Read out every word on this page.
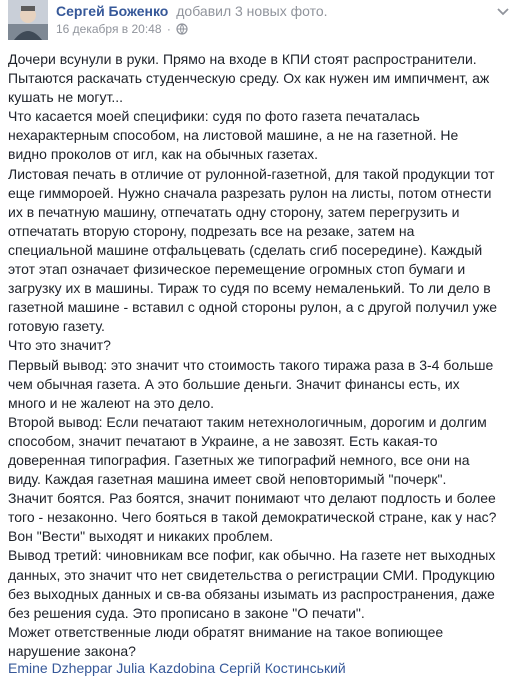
Сергей Боженко добавил 3 новых фото.
16 декабря в 20:48 ·
Дочери всунули в руки. Прямо на входе в КПИ стоят распространители.
Пытаются раскачать студенческую среду. Ох как нужен им импичмент, аж
кушать не могут...
Что касается моей специфики: судя по фото газета печаталась
нехарактерным способом, на листовой машине, а не на газетной. Не
видно проколов от игл, как на обычных газетах.
Листовая печать в отличие от рулонной-газетной, для такой продукции тот
еще гиммороей. Нужно сначала разрезать рулон на листы, потом отнести
их в печатную машину, отпечатать одну сторону, затем перегрузить и
отпечатать вторую сторону, подрезать все на резаке, затем на
специальной машине отфальцевать (сделать сгиб посередине). Каждый
этот этап означает физическое перемещение огромных стоп бумаги и
загрузку их в машины. Тираж то судя по всему немаленький. То ли дело в
газетной машине - вставил с одной стороны рулон, а с другой получил уже
готовую газету.
Что это значит?
Первый вывод: это значит что стоимость такого тиража раза в 3-4 больше
чем обычная газета. А это большие деньги. Значит финансы есть, их
много и не жалеют на это дело.
Второй вывод: Если печатают таким нетехнологичным, дорогим и долгим
способом, значит печатают в Украине, а не завозят. Есть какая-то
доверенная типография. Газетных же типографий немного, все они на
виду. Каждая газетная машина имеет свой неповторимый "почерк".
Значит боятся. Раз боятся, значит понимают что делают подлость и более
того - незаконно. Чего бояться в такой демократической стране, как у нас?
Вон "Вести" выходят и никаких проблем.
Вывод третий: чиновникам все пофиг, как обычно. На газете нет выходных
данных, это значит что нет свидетельства о регистрации СМИ. Продукцию
без выходных данных и св-ва обязаны изымать из распространения, даже
без решения суда. Это прописано в законе "О печати".
Может ответственные люди обратят внимание на такое вопиющее
нарушение закона?
Emine Dzheppar Julia Kazdobina Сергій Костинський
